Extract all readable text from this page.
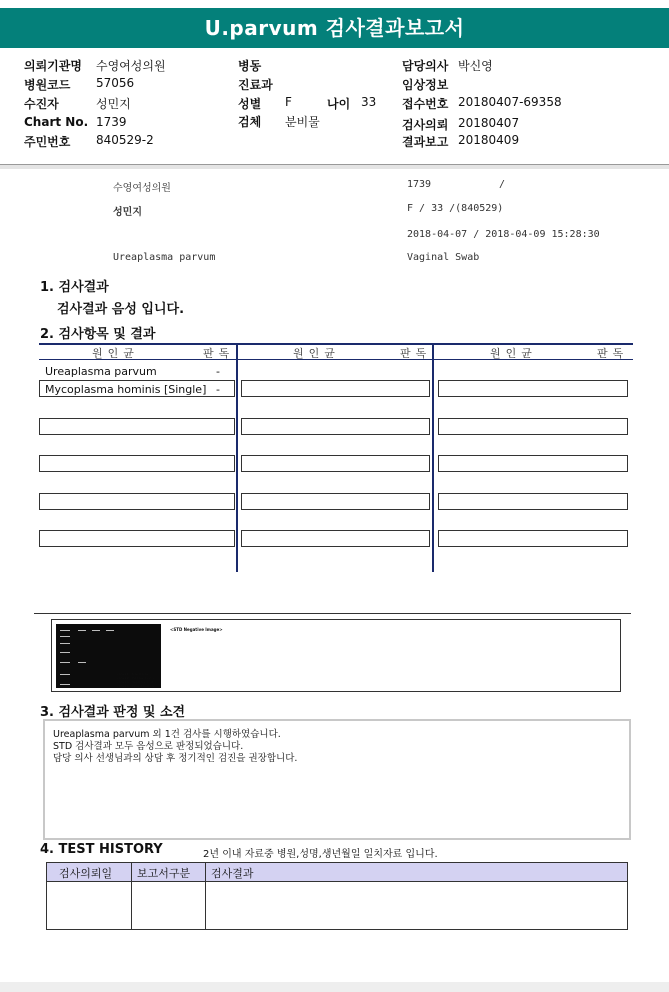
U.parvum 검사결과보고서
의뢰기관명 수영여성의원
병원코드 57056
수진자	성민지
Chart No. 1739
주민번호 840529-2
병동
진료과
성별 F	나이 33
검체 분비물
담당의사 박신영
임상정보
접수번호 20180407-69358
검사의뢰 20180407
결과보고 20180409
수영여성의원	1739	/
성민지	F / 33 /(840529)
2018-04-07 / 2018-04-09 15:28:30
Ureaplasma parvum	Vaginal Swab
1. 검사결과
검사결과 음성 입니다.
2. 검사항목 및 결과
원인균	판독	원인균	판독	원인균	판독
Ureaplasma parvum	-
Mycoplasma hominis [Single] -
<STD Negative Image>
Lane#1 : Size marker
Lane#2 : Positive Control
Lane#3 : Negative Control
Lane#4 : Patient Sample
3. 검사결과 판정 및 소견
Ureaplasma parvum 외 1건 검사를 시행하였습니다.
STD 검사결과 모두 음성으로 판정되었습니다.
담당 의사 선생님과의 상담 후 정기적인 검진을 권장합니다.
4. TEST HISTORY	2년 이내 자료중 병원,성명,생년월일 일치자료 입니다.
검사의뢰일 보고서구분 검사결과
